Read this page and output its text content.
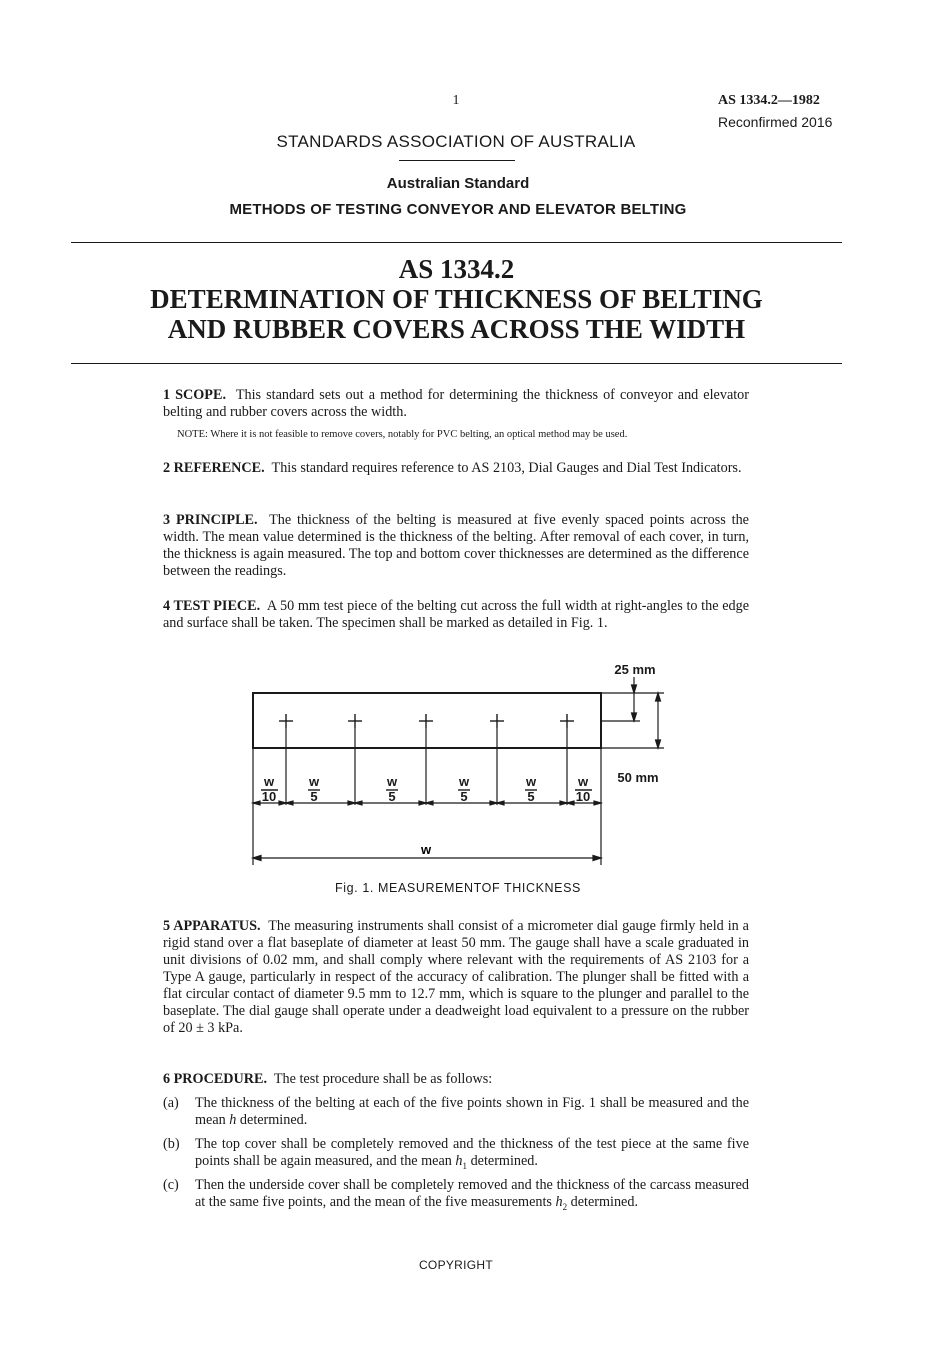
1	AS 1334.2—1982
Reconfirmed 2016
STANDARDS ASSOCIATION OF AUSTRALIA
Australian Standard
METHODS OF TESTING CONVEYOR AND ELEVATOR BELTING
AS 1334.2
DETERMINATION OF THICKNESS OF BELTING
AND RUBBER COVERS ACROSS THE WIDTH
1 SCOPE. This standard sets out a method for determining the thickness of conveyor and elevator belting and rubber covers across the width.
NOTE: Where it is not feasible to remove covers, notably for PVC belting, an optical method may be used.
2 REFERENCE. This standard requires reference to AS 2103, Dial Gauges and Dial Test Indicators.
3 PRINCIPLE. The thickness of the belting is measured at five evenly spaced points across the width. The mean value determined is the thickness of the belting. After removal of each cover, in turn, the thickness is again measured. The top and bottom cover thicknesses are determined as the difference between the readings.
4 TEST PIECE. A 50 mm test piece of the belting cut across the full width at right-angles to the edge and surface shall be taken. The specimen shall be marked as detailed in Fig. 1.
w
w
10
w
5
w
5
w
5
w
5
w
10
25 mm
50 mm
Fig. 1. MEASUREMENTOF THICKNESS
5 APPARATUS. The measuring instruments shall consist of a micrometer dial gauge firmly held in a rigid stand over a flat baseplate of diameter at least 50 mm. The gauge shall have a scale graduated in unit divisions of 0.02 mm, and shall comply where relevant with the requirements of AS 2103 for a Type A gauge, particularly in respect of the accuracy of calibration. The plunger shall be fitted with a flat circular contact of diameter 9.5 mm to 12.7 mm, which is square to the plunger and parallel to the baseplate. The dial gauge shall operate under a deadweight load equivalent to a pressure on the rubber of 20 ± 3 kPa.
6 PROCEDURE. The test procedure shall be as follows:
(a) The thickness of the belting at each of the five points shown in Fig. 1 shall be measured and the mean h determined.
(b) The top cover shall be completely removed and the thickness of the test piece at the same five points shall be again measured, and the mean $h_1$ determined.
(c) Then the underside cover shall be completely removed and the thickness of the carcass measured at the same five points, and the mean of the five measurements $h_2$ determined.
COPYRIGHT
